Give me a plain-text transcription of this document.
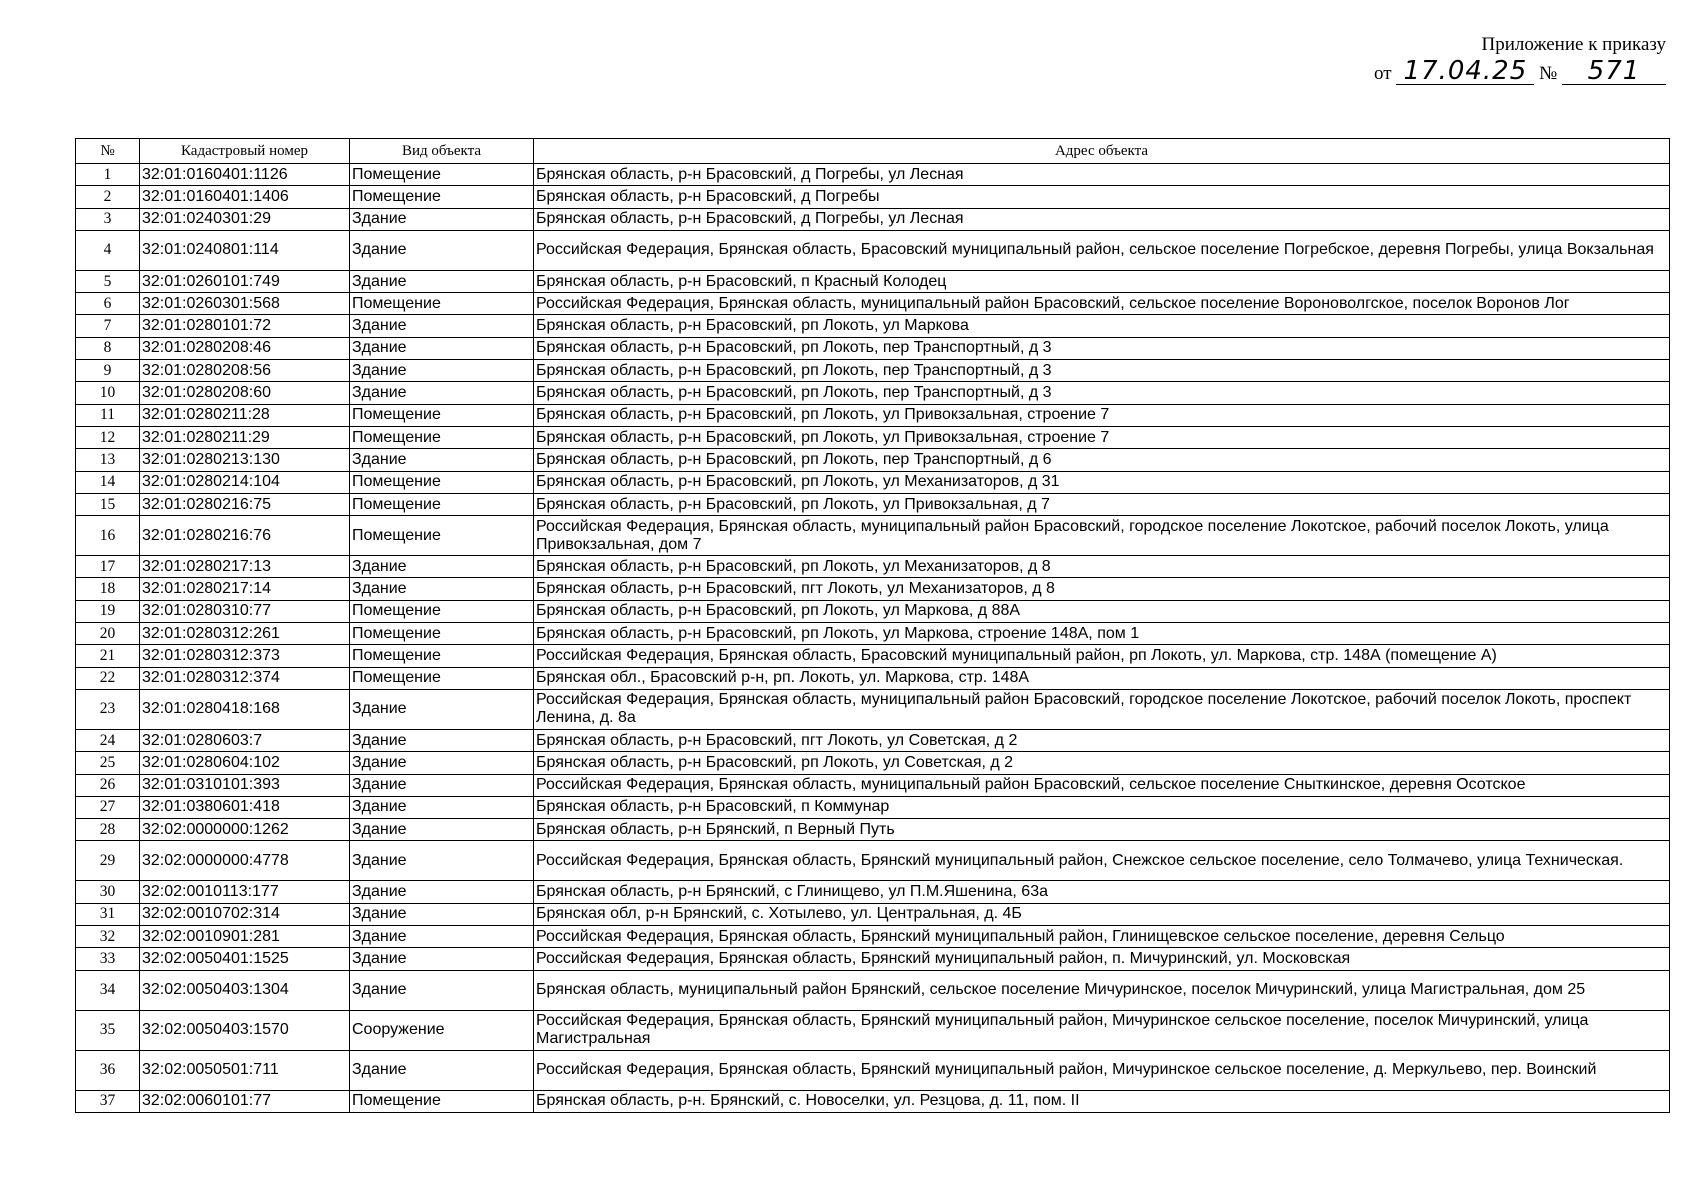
Приложение к приказу
от 17.04.25 № 571
№	Кадастровый номер	Вид объекта	Адрес объекта
1	32:01:0160401:1126	Помещение	Брянская область, р-н Брасовский, д Погребы, ул Лесная
2	32:01:0160401:1406	Помещение	Брянская область, р-н Брасовский, д Погребы
3	32:01:0240301:29	Здание	Брянская область, р-н Брасовский, д Погребы, ул Лесная
4	32:01:0240801:114	Здание	Российская Федерация, Брянская область, Брасовский муниципальный район, сельское поселение Погребское, деревня Погребы, улица Вокзальная
5	32:01:0260101:749	Здание	Брянская область, р-н Брасовский, п Красный Колодец
6	32:01:0260301:568	Помещение	Российская Федерация, Брянская область, муниципальный район Брасовский, сельское поселение Вороноволгское, поселок Воронов Лог
7	32:01:0280101:72	Здание	Брянская область, р-н Брасовский, рп Локоть, ул Маркова
8	32:01:0280208:46	Здание	Брянская область, р-н Брасовский, рп Локоть, пер Транспортный, д 3
9	32:01:0280208:56	Здание	Брянская область, р-н Брасовский, рп Локоть, пер Транспортный, д 3
10	32:01:0280208:60	Здание	Брянская область, р-н Брасовский, рп Локоть, пер Транспортный, д 3
11	32:01:0280211:28	Помещение	Брянская область, р-н Брасовский, рп Локоть, ул Привокзальная, строение 7
12	32:01:0280211:29	Помещение	Брянская область, р-н Брасовский, рп Локоть, ул Привокзальная, строение 7
13	32:01:0280213:130	Здание	Брянская область, р-н Брасовский, рп Локоть, пер Транспортный, д 6
14	32:01:0280214:104	Помещение	Брянская область, р-н Брасовский, рп Локоть, ул Механизаторов, д 31
15	32:01:0280216:75	Помещение	Брянская область, р-н Брасовский, рп Локоть, ул Привокзальная, д 7
16	32:01:0280216:76	Помещение	Российская Федерация, Брянская область, муниципальный район Брасовский, городское поселение Локотское, рабочий поселок Локоть, улица Привокзальная, дом 7
17	32:01:0280217:13	Здание	Брянская область, р-н Брасовский, рп Локоть, ул Механизаторов, д 8
18	32:01:0280217:14	Здание	Брянская область, р-н Брасовский, пгт Локоть, ул Механизаторов, д 8
19	32:01:0280310:77	Помещение	Брянская область, р-н Брасовский, рп Локоть, ул Маркова, д 88А
20	32:01:0280312:261	Помещение	Брянская область, р-н Брасовский, рп Локоть, ул Маркова, строение 148А, пом 1
21	32:01:0280312:373	Помещение	Российская Федерация, Брянская область, Брасовский муниципальный район, рп Локоть, ул. Маркова, стр. 148А (помещение А)
22	32:01:0280312:374	Помещение	Брянская обл., Брасовский р-н, рп. Локоть, ул. Маркова, стр. 148А
23	32:01:0280418:168	Здание	Российская Федерация, Брянская область, муниципальный район Брасовский, городское поселение Локотское, рабочий поселок Локоть, проспект Ленина, д. 8а
24	32:01:0280603:7	Здание	Брянская область, р-н Брасовский, пгт Локоть, ул Советская, д 2
25	32:01:0280604:102	Здание	Брянская область, р-н Брасовский, рп Локоть, ул Советская, д 2
26	32:01:0310101:393	Здание	Российская Федерация, Брянская область, муниципальный район Брасовский, сельское поселение Сныткинское, деревня Осотское
27	32:01:0380601:418	Здание	Брянская область, р-н Брасовский, п Коммунар
28	32:02:0000000:1262	Здание	Брянская область, р-н Брянский, п Верный Путь
29	32:02:0000000:4778	Здание	Российская Федерация, Брянская область, Брянский муниципальный район, Снежское сельское поселение, село Толмачево, улица Техническая.
30	32:02:0010113:177	Здание	Брянская область, р-н Брянский, с Глинищево, ул П.М.Яшенина, 63а
31	32:02:0010702:314	Здание	Брянская обл, р-н Брянский, с. Хотылево, ул. Центральная, д. 4Б
32	32:02:0010901:281	Здание	Российская Федерация, Брянская область, Брянский муниципальный район, Глинищевское сельское поселение, деревня Сельцо
33	32:02:0050401:1525	Здание	Российская Федерация, Брянская область, Брянский муниципальный район, п. Мичуринский, ул. Московская
34	32:02:0050403:1304	Здание	Брянская область, муниципальный район Брянский, сельское поселение Мичуринское, поселок Мичуринский, улица Магистральная, дом 25
35	32:02:0050403:1570	Сооружение	Российская Федерация, Брянская область, Брянский муниципальный район, Мичуринское сельское поселение, поселок Мичуринский, улица Магистральная
36	32:02:0050501:711	Здание	Российская Федерация, Брянская область, Брянский муниципальный район, Мичуринское сельское поселение, д. Меркульево, пер. Воинский
37	32:02:0060101:77	Помещение	Брянская область, р-н. Брянский, с. Новоселки, ул. Резцова, д. 11, пом. II
